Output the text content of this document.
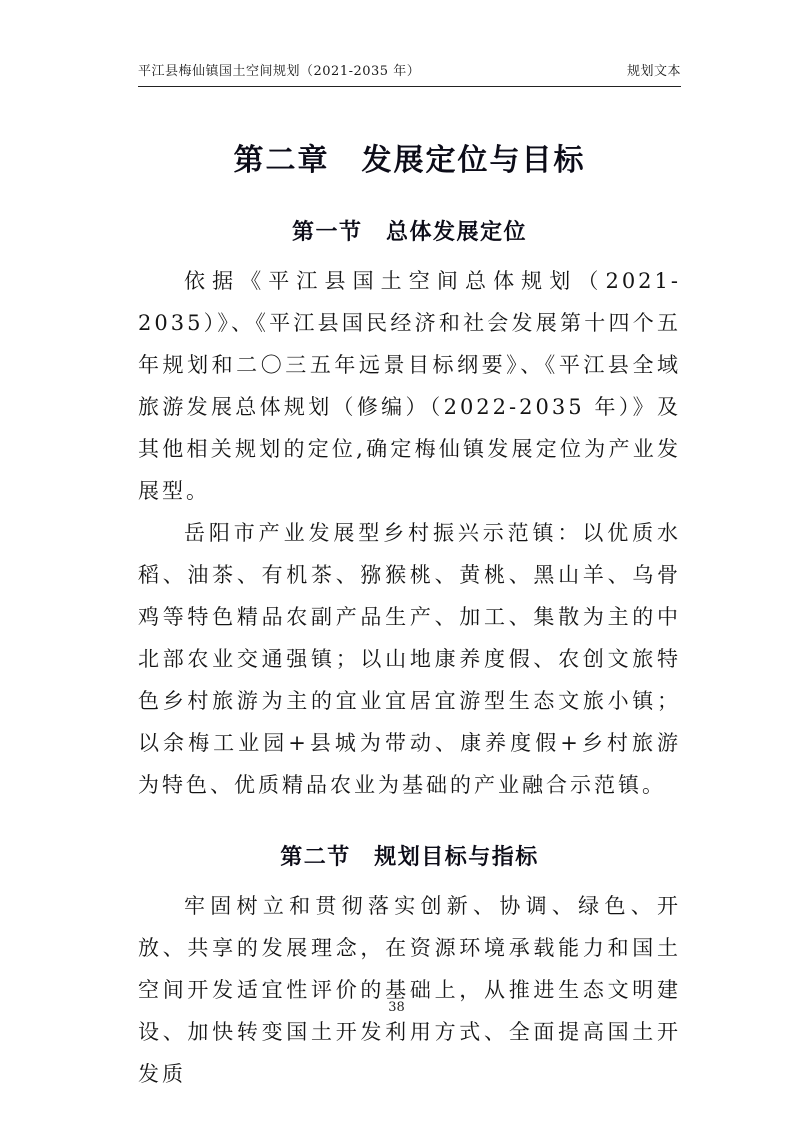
平江县梅仙镇国土空间规划（2021-2035 年）	规划文本
第二章　发展定位与目标
第一节　总体发展定位

依据《平江县国土空间总体规划（2021-2035）》、《平江县国民经济和社会发展第十四个五年规划和二〇三五年远景目标纲要》、《平江县全域旅游发展总体规划（修编）（2022-2035 年）》及其他相关规划的定位,确定梅仙镇发展定位为产业发展型。

岳阳市产业发展型乡村振兴示范镇：以优质水稻、油茶、有机茶、猕猴桃、黄桃、黑山羊、乌骨鸡等特色精品农副产品生产、加工、集散为主的中北部农业交通强镇；以山地康养度假、农创文旅特色乡村旅游为主的宜业宜居宜游型生态文旅小镇；以余梅工业园+县城为带动、康养度假+乡村旅游为特色、优质精品农业为基础的产业融合示范镇。

第二节　规划目标与指标

牢固树立和贯彻落实创新、协调、绿色、开放、共享的发展理念，在资源环境承载能力和国土空间开发适宜性评价的基础上，从推进生态文明建设、加快转变国土开发利用方式、全面提高国土开发质

38
